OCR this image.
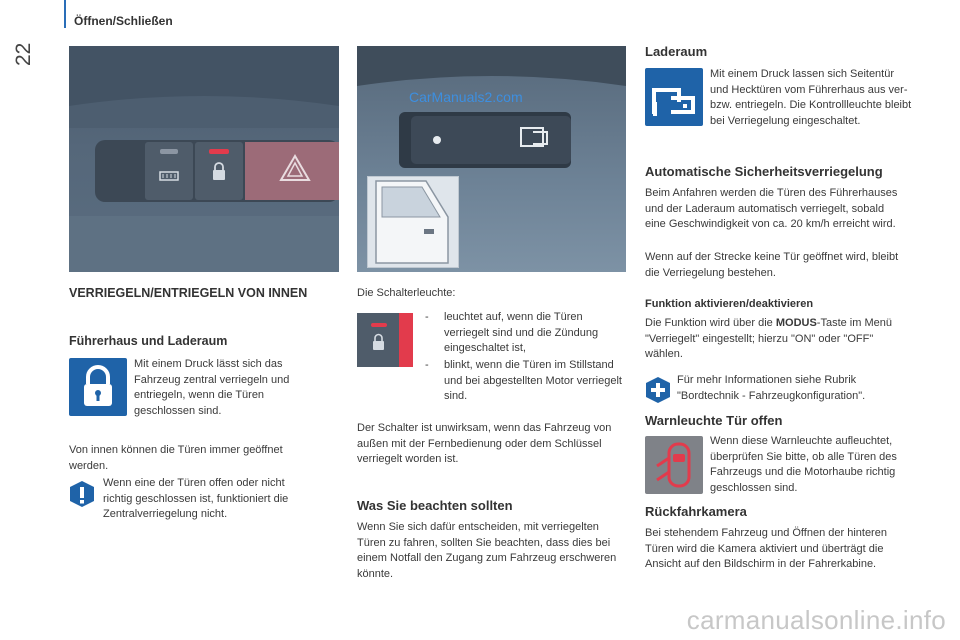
Öffnen/Schließen
22
CarManuals2.com
VERRIEGELN/ENTRIEGELN VON INNEN
Führerhaus und Laderaum

Mit einem Druck lässt sich das Fahrzeug zentral verriegeln und entriegeln, wenn die Türen geschlossen sind.

Von innen können die Türen immer geöffnet werden.

Wenn eine der Türen offen oder nicht richtig geschlossen ist, funktioniert die Zentralverriegelung nicht.

Die Schalterleuchte:

- leuchtet auf, wenn die Türen verriegelt sind und die Zündung eingeschaltet ist,
- blinkt, wenn die Türen im Stillstand und bei abgestellten Motor verriegelt sind.

Der Schalter ist unwirksam, wenn das Fahrzeug von außen mit der Fernbedienung oder dem Schlüssel verriegelt worden ist.

Was Sie beachten sollten

Wenn Sie sich dafür entscheiden, mit verriegelten Türen zu fahren, sollten Sie beachten, dass dies bei einem Notfall den Zugang zum Fahrzeug erschweren könnte.

Laderaum

Mit einem Druck lassen sich Seitentür und Hecktüren vom Führerhaus aus ver- bzw. entriegeln. Die Kontrollleuchte bleibt bei Verriegelung eingeschaltet.

Automatische Sicherheitsverriegelung

Beim Anfahren werden die Türen des Führerhauses und der Laderaum automatisch verriegelt, sobald eine Geschwindigkeit von ca. 20 km/h erreicht wird.

Wenn auf der Strecke keine Tür geöffnet wird, bleibt die Verriegelung bestehen.

Funktion aktivieren/deaktivieren

Die Funktion wird über die MODUS-Taste im Menü "Verriegelt" eingestellt; hierzu "ON" oder "OFF" wählen.

Für mehr Informationen siehe Rubrik "Bordtechnik - Fahrzeugkonfiguration".

Warnleuchte Tür offen

Wenn diese Warnleuchte aufleuchtet, überprüfen Sie bitte, ob alle Türen des Fahrzeugs und die Motorhaube richtig geschlossen sind.

Rückfahrkamera

Bei stehendem Fahrzeug und Öffnen der hinteren Türen wird die Kamera aktiviert und überträgt die Ansicht auf den Bildschirm in der Fahrerkabine.

carmanualsonline.info
